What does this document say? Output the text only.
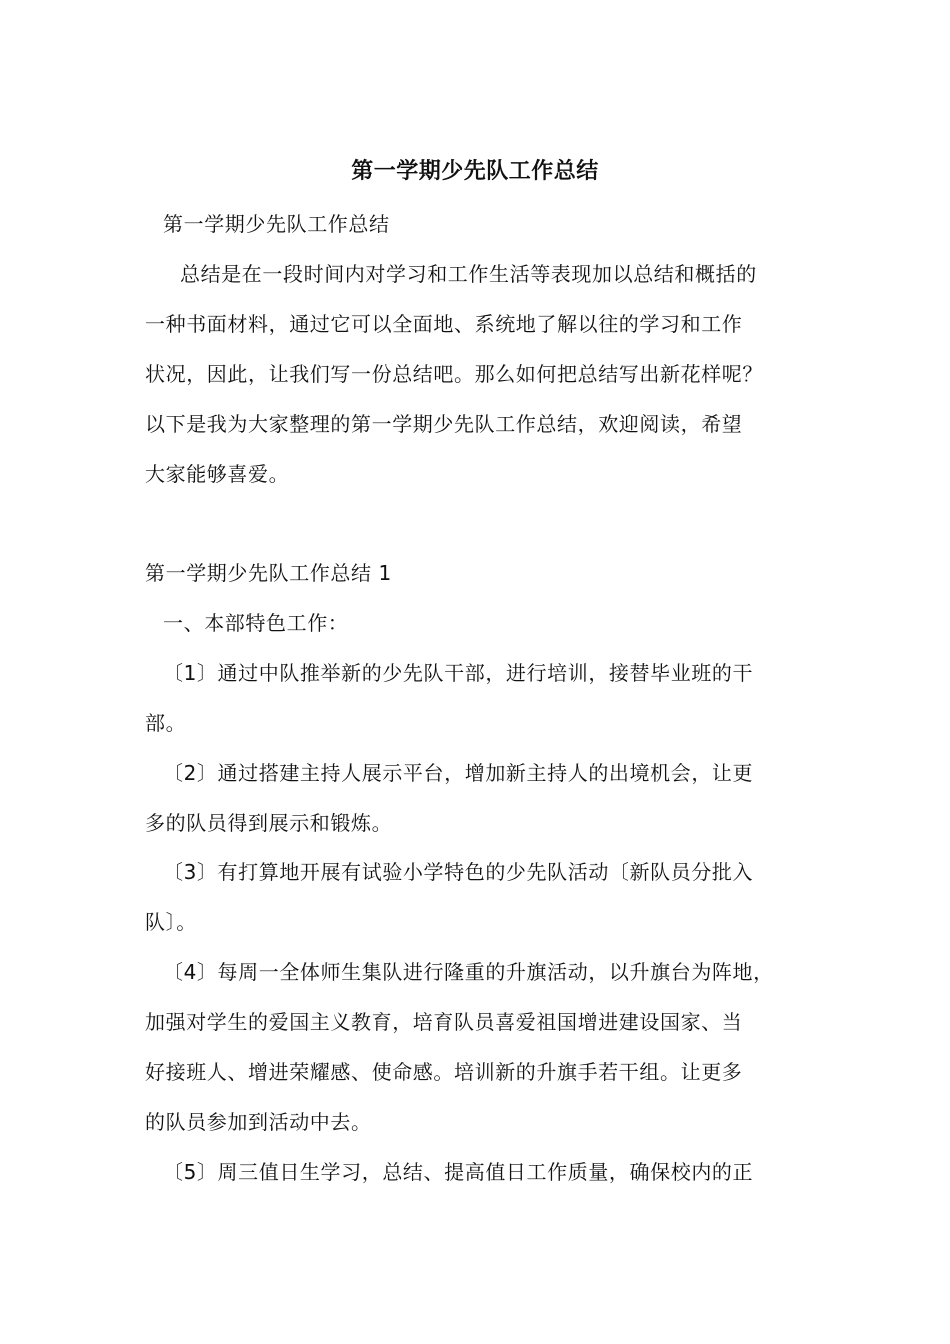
第一学期少先队工作总结
第一学期少先队工作总结
总结是在一段时间内对学习和工作生活等表现加以总结和概括的
一种书面材料，通过它可以全面地、系统地了解以往的学习和工作
状况，因此，让我们写一份总结吧。那么如何把总结写出新花样呢？
以下是我为大家整理的第一学期少先队工作总结，欢迎阅读，希望
大家能够喜爱。
第一学期少先队工作总结 1
一、本部特色工作：
〔1〕通过中队推举新的少先队干部，进行培训，接替毕业班的干
部。
〔2〕通过搭建主持人展示平台，增加新主持人的出境机会，让更
多的队员得到展示和锻炼。
〔3〕有打算地开展有试验小学特色的少先队活动〔新队员分批入
队〕。
〔4〕每周一全体师生集队进行隆重的升旗活动，以升旗台为阵地，
加强对学生的爱国主义教育，培育队员喜爱祖国增进建设国家、当
好接班人、增进荣耀感、使命感。培训新的升旗手若干组。让更多
的队员参加到活动中去。
〔5〕周三值日生学习，总结、提高值日工作质量，确保校内的正
